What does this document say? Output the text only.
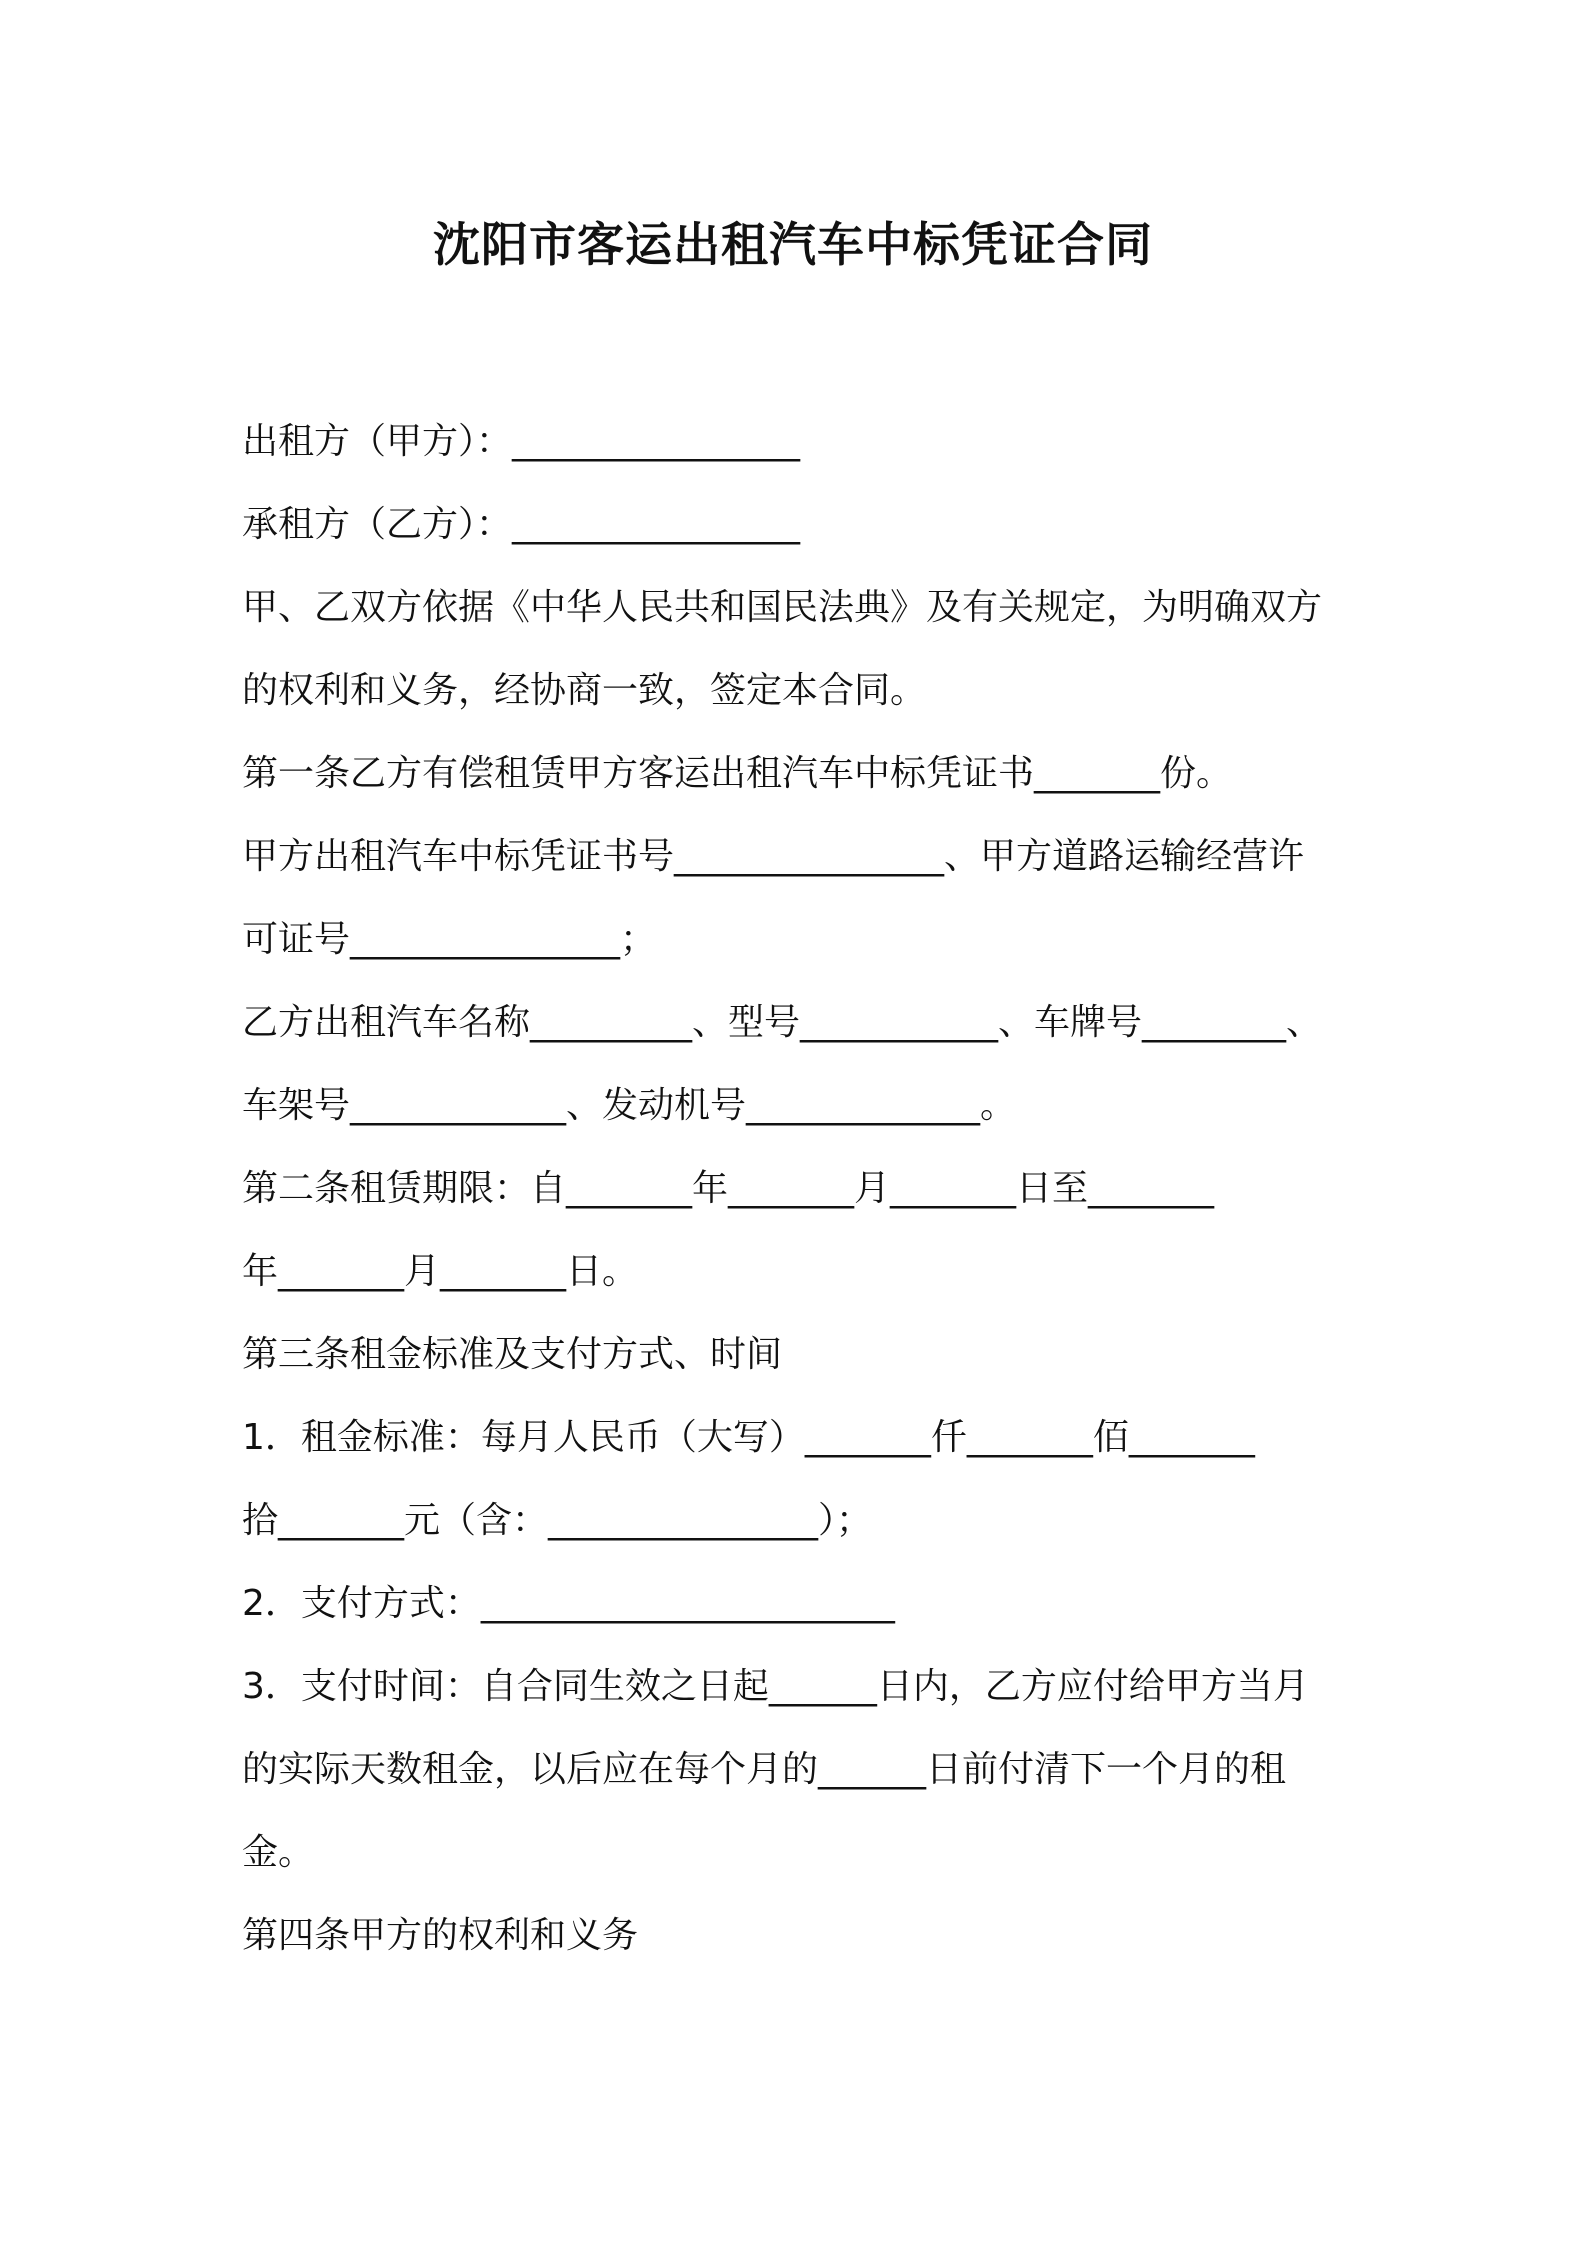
沈阳市客运出租汽车中标凭证合同
出租方（甲方）：________________
承租方（乙方）：________________
甲、乙双方依据《中华人民共和国民法典》及有关规定，为明确双方
的权利和义务，经协商一致，签定本合同。
第一条乙方有偿租赁甲方客运出租汽车中标凭证书_______份。
甲方出租汽车中标凭证书号_______________、甲方道路运输经营许
可证号_______________；
乙方出租汽车名称_________、型号___________、车牌号________、
车架号____________、发动机号_____________。
第二条租赁期限：自_______年_______月_______日至_______
年_______月_______日。
第三条租金标准及支付方式、时间
1．租金标准：每月人民币（大写）_______仟_______佰_______
拾_______元（含：_______________）；
2．支付方式：_______________________
3．支付时间：自合同生效之日起______日内，乙方应付给甲方当月
的实际天数租金，以后应在每个月的______日前付清下一个月的租
金。
第四条甲方的权利和义务
